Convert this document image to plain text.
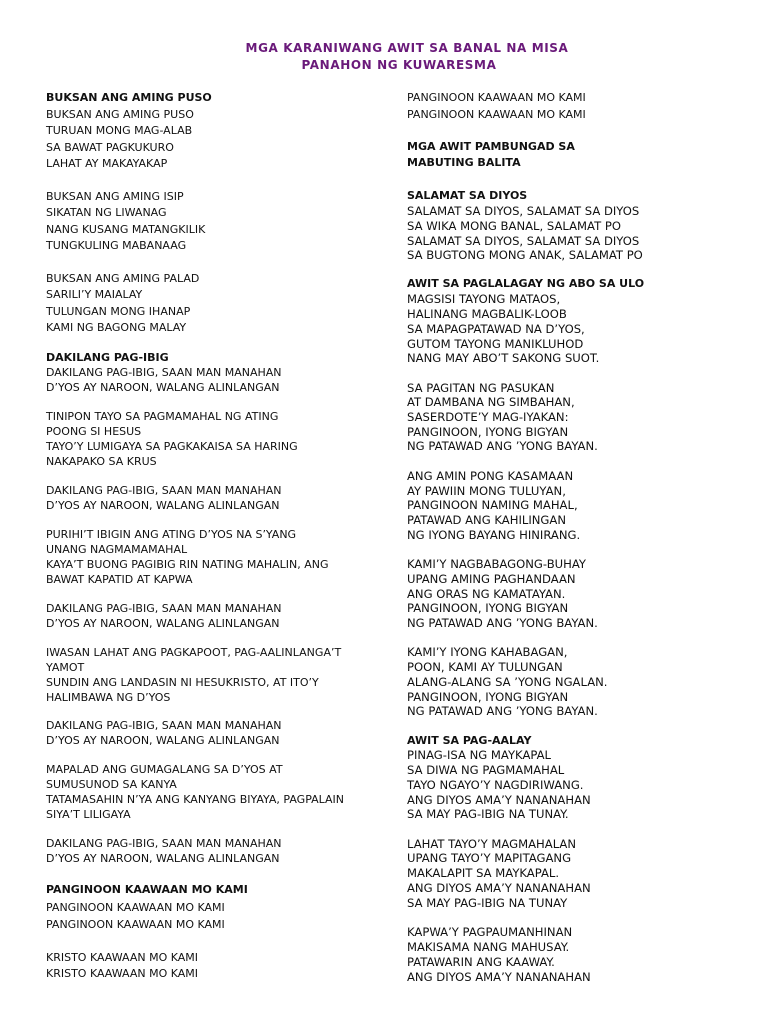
MGA KARANIWANG AWIT SA BANAL NA MISA
PANAHON NG KUWARESMA
BUKSAN ANG AMING PUSO
BUKSAN ANG AMING PUSO
TURUAN MONG MAG-ALAB
SA BAWAT PAGKUKURO
LAHAT AY MAKAYAKAP
BUKSAN ANG AMING ISIP
SIKATAN NG LIWANAG
NANG KUSANG MATANGKILIK
TUNGKULING MABANAAG
BUKSAN ANG AMING PALAD
SARILI’Y MAIALAY
TULUNGAN MONG IHANAP
KAMI NG BAGONG MALAY
DAKILANG PAG-IBIG
DAKILANG PAG-IBIG, SAAN MAN MANAHAN
D’YOS AY NAROON, WALANG ALINLANGAN
TINIPON TAYO SA PAGMAMAHAL NG ATING
POONG SI HESUS
TAYO’Y LUMIGAYA SA PAGKAKAISA SA HARING
NAKAPAKO SA KRUS
DAKILANG PAG-IBIG, SAAN MAN MANAHAN
D’YOS AY NAROON, WALANG ALINLANGAN
PURIHI’T IBIGIN ANG ATING D’YOS NA S’YANG
UNANG NAGMAMAMAHAL
KAYA’T BUONG PAGIBIG RIN NATING MAHALIN, ANG
BAWAT KAPATID AT KAPWA
DAKILANG PAG-IBIG, SAAN MAN MANAHAN
D’YOS AY NAROON, WALANG ALINLANGAN
IWASAN LAHAT ANG PAGKAPOOT, PAG-AALINLANGA’T
YAMOT
SUNDIN ANG LANDASIN NI HESUKRISTO, AT ITO’Y
HALIMBAWA NG D’YOS
DAKILANG PAG-IBIG, SAAN MAN MANAHAN
D’YOS AY NAROON, WALANG ALINLANGAN
MAPALAD ANG GUMAGALANG SA D’YOS AT
SUMUSUNOD SA KANYA
TATAMASAHIN N’YA ANG KANYANG BIYAYA, PAGPALAIN
SIYA’T LILIGAYA
DAKILANG PAG-IBIG, SAAN MAN MANAHAN
D’YOS AY NAROON, WALANG ALINLANGAN
PANGINOON KAAWAAN MO KAMI
PANGINOON KAAWAAN MO KAMI
PANGINOON KAAWAAN MO KAMI
KRISTO KAAWAAN MO KAMI
KRISTO KAAWAAN MO KAMI
PANGINOON KAAWAAN MO KAMI
PANGINOON KAAWAAN MO KAMI
MGA AWIT PAMBUNGAD SA
MABUTING BALITA
SALAMAT SA DIYOS
SALAMAT SA DIYOS, SALAMAT SA DIYOS
SA WIKA MONG BANAL, SALAMAT PO
SALAMAT SA DIYOS, SALAMAT SA DIYOS
SA BUGTONG MONG ANAK, SALAMAT PO
AWIT SA PAGLALAGAY NG ABO SA ULO
MAGSISI TAYONG MATAOS,
HALINANG MAGBALIK-LOOB
SA MAPAGPATAWAD NA D’YOS,
GUTOM TAYONG MANIKLUHOD
NANG MAY ABO’T SAKONG SUOT.
SA PAGITAN NG PASUKAN
AT DAMBANA NG SIMBAHAN,
SASERDOTE’Y MAG-IYAKAN:
PANGINOON, IYONG BIGYAN
NG PATAWAD ANG ’YONG BAYAN.
ANG AMIN PONG KASAMAAN
AY PAWIIN MONG TULUYAN,
PANGINOON NAMING MAHAL,
PATAWAD ANG KAHILINGAN
NG IYONG BAYANG HINIRANG.
KAMI’Y NAGBABAGONG-BUHAY
UPANG AMING PAGHANDAAN
ANG ORAS NG KAMATAYAN.
PANGINOON, IYONG BIGYAN
NG PATAWAD ANG ’YONG BAYAN.
KAMI’Y IYONG KAHABAGAN,
POON, KAMI AY TULUNGAN
ALANG-ALANG SA ’YONG NGALAN.
PANGINOON, IYONG BIGYAN
NG PATAWAD ANG ’YONG BAYAN.
AWIT SA PAG-AALAY
PINAG-ISA NG MAYKAPAL
SA DIWA NG PAGMAMAHAL
TAYO NGAYO’Y NAGDIRIWANG.
ANG DIYOS AMA’Y NANANAHAN
SA MAY PAG-IBIG NA TUNAY.
LAHAT TAYO’Y MAGMAHALAN
UPANG TAYO’Y MAPITAGANG
MAKALAPIT SA MAYKAPAL.
ANG DIYOS AMA’Y NANANAHAN
SA MAY PAG-IBIG NA TUNAY
KAPWA’Y PAGPAUMANHINAN
MAKISAMA NANG MAHUSAY.
PATAWARIN ANG KAAWAY.
ANG DIYOS AMA’Y NANANAHAN
